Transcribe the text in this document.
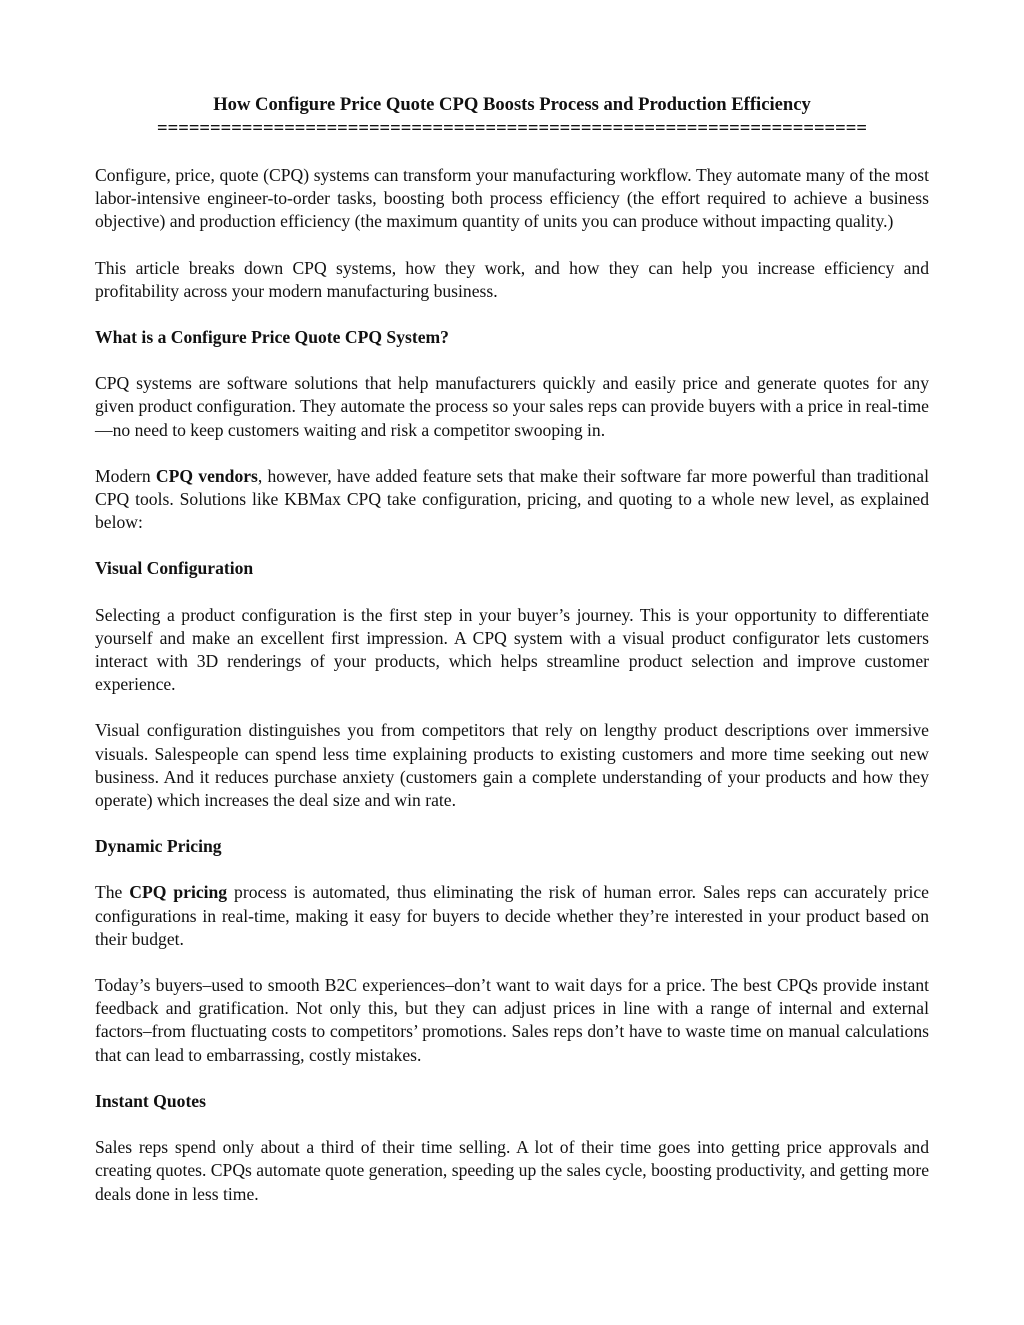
How Configure Price Quote CPQ Boosts Process and Production Efficiency
===================================================================

Configure, price, quote (CPQ) systems can transform your manufacturing workflow. They automate many of the most labor-intensive engineer-to-order tasks, boosting both process efficiency (the effort required to achieve a business objective) and production efficiency (the maximum quantity of units you can produce without impacting quality.)

This article breaks down CPQ systems, how they work, and how they can help you increase efficiency and profitability across your modern manufacturing business.

What is a Configure Price Quote CPQ System?

CPQ systems are software solutions that help manufacturers quickly and easily price and generate quotes for any given product configuration. They automate the process so your sales reps can provide buyers with a price in real-time—no need to keep customers waiting and risk a competitor swooping in.

Modern CPQ vendors, however, have added feature sets that make their software far more powerful than traditional CPQ tools. Solutions like KBMax CPQ take configuration, pricing, and quoting to a whole new level, as explained below:

Visual Configuration

Selecting a product configuration is the first step in your buyer’s journey. This is your opportunity to differentiate yourself and make an excellent first impression. A CPQ system with a visual product configurator lets customers interact with 3D renderings of your products, which helps streamline product selection and improve customer experience.

Visual configuration distinguishes you from competitors that rely on lengthy product descriptions over immersive visuals. Salespeople can spend less time explaining products to existing customers and more time seeking out new business. And it reduces purchase anxiety (customers gain a complete understanding of your products and how they operate) which increases the deal size and win rate.

Dynamic Pricing

The CPQ pricing process is automated, thus eliminating the risk of human error. Sales reps can accurately price configurations in real-time, making it easy for buyers to decide whether they’re interested in your product based on their budget.

Today’s buyers–used to smooth B2C experiences–don’t want to wait days for a price. The best CPQs provide instant feedback and gratification. Not only this, but they can adjust prices in line with a range of internal and external factors–from fluctuating costs to competitors’ promotions. Sales reps don’t have to waste time on manual calculations that can lead to embarrassing, costly mistakes.

Instant Quotes

Sales reps spend only about a third of their time selling. A lot of their time goes into getting price approvals and creating quotes. CPQs automate quote generation, speeding up the sales cycle, boosting productivity, and getting more deals done in less time.
